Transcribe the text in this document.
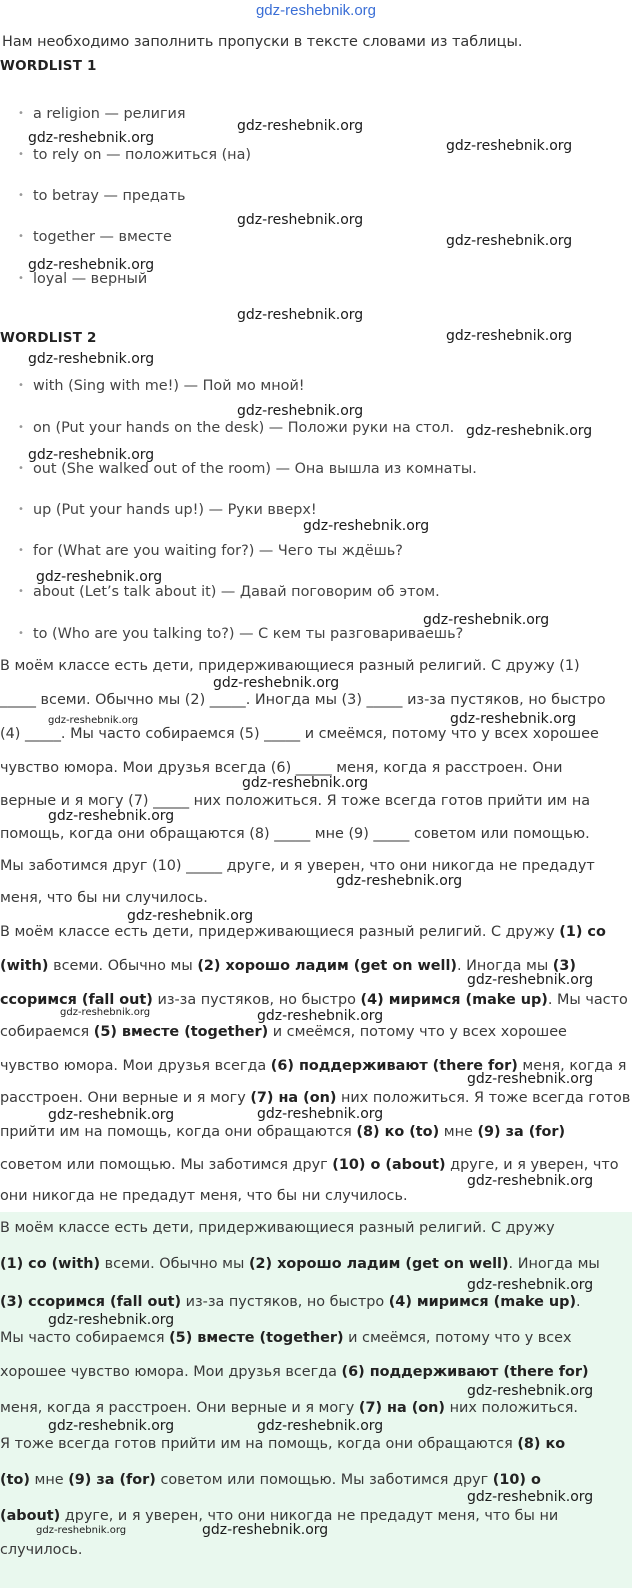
gdz-reshebnik.org
Нам необходимо заполнить пропуски в тексте словами из таблицы.
WORDLIST 1
• a religion — религия
• to rely on — положиться (на)
• to betray — предать
• together — вместе
• loyal — верный
WORDLIST 2
• with (Sing with me!) — Пой мо мной!
• on (Put your hands on the desk) — Положи руки на стол.
• out (She walked out of the room) — Она вышла из комнаты.
• up (Put your hands up!) — Руки вверх!
• for (What are you waiting for?) — Чего ты ждёшь?
• about (Let’s talk about it) — Давай поговорим об этом.
• to (Who are you talking to?) — С кем ты разговариваешь?
В моём классе есть дети, придерживающиеся разный религий. С дружу (1)
_____ всеми. Обычно мы (2) _____. Иногда мы (3) _____ из-за пустяков, но быстро
(4) _____. Мы часто собираемся (5) _____ и смеёмся, потому что у всех хорошее
чувство юмора. Мои друзья всегда (6) _____ меня, когда я расстроен. Они
верные и я могу (7) _____ них положиться. Я тоже всегда готов прийти им на
помощь, когда они обращаются (8) _____ мне (9) _____ советом или помощью.
Мы заботимся друг (10) _____ друге, и я уверен, что они никогда не предадут
меня, что бы ни случилось.
В моём классе есть дети, придерживающиеся разный религий. С дружу (1) со
(with) всеми. Обычно мы (2) хорошо ладим (get on well). Иногда мы (3)
ссоримся (fall out) из-за пустяков, но быстро (4) миримся (make up). Мы часто
собираемся (5) вместе (together) и смеёмся, потому что у всех хорошее
чувство юмора. Мои друзья всегда (6) поддерживают (there for) меня, когда я
расстроен. Они верные и я могу (7) на (on) них положиться. Я тоже всегда готов
прийти им на помощь, когда они обращаются (8) ко (to) мне (9) за (for)
советом или помощью. Мы заботимся друг (10) о (about) друге, и я уверен, что
они никогда не предадут меня, что бы ни случилось.
В моём классе есть дети, придерживающиеся разный религий. С дружу
(1) со (with) всеми. Обычно мы (2) хорошо ладим (get on well). Иногда мы
(3) ссоримся (fall out) из-за пустяков, но быстро (4) миримся (make up).
Мы часто собираемся (5) вместе (together) и смеёмся, потому что у всех
хорошее чувство юмора. Мои друзья всегда (6) поддерживают (there for)
меня, когда я расстроен. Они верные и я могу (7) на (on) них положиться.
Я тоже всегда готов прийти им на помощь, когда они обращаются (8) ко
(to) мне (9) за (for) советом или помощью. Мы заботимся друг (10) о
(about) друге, и я уверен, что они никогда не предадут меня, что бы ни
случилось.
gdz-reshebnik.org
gdz-reshebnik.org
gdz-reshebnik.org
gdz-reshebnik.org
gdz-reshebnik.org
gdz-reshebnik.org
gdz-reshebnik.org
gdz-reshebnik.org
gdz-reshebnik.org
gdz-reshebnik.org
gdz-reshebnik.org
gdz-reshebnik.org
gdz-reshebnik.org
gdz-reshebnik.org
gdz-reshebnik.org
gdz-reshebnik.org
gdz-reshebnik.org	gdz-reshebnik.org
gdz-reshebnik.org
gdz-reshebnik.org
gdz-reshebnik.org
gdz-reshebnik.org
gdz-reshebnik.org
gdz-reshebnik.org	gdz-reshebnik.org
gdz-reshebnik.org
gdz-reshebnik.org	gdz-reshebnik.org
gdz-reshebnik.org
gdz-reshebnik.org
gdz-reshebnik.org
gdz-reshebnik.org
gdz-reshebnik.org	gdz-reshebnik.org
gdz-reshebnik.org
gdz-reshebnik.org	gdz-reshebnik.org
